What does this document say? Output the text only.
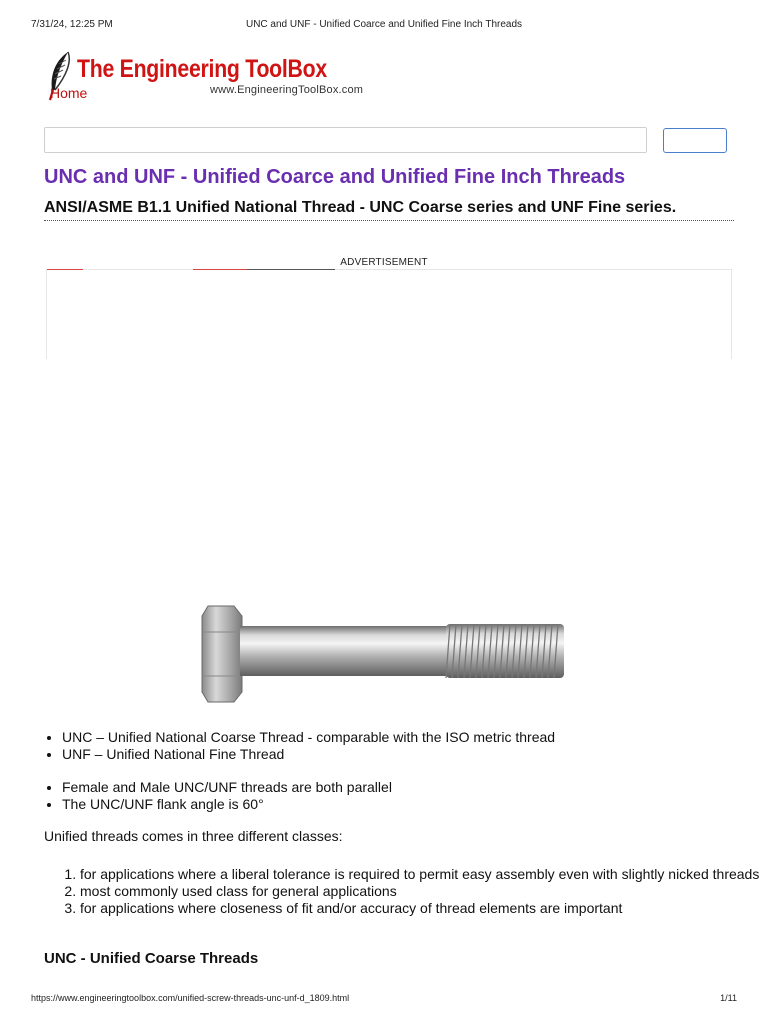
7/31/24, 12:25 PM	UNC and UNF - Unified Coarce and Unified Fine Inch Threads
The Engineering ToolBox
Home	www.EngineeringToolBox.com
UNC and UNF - Unified Coarce and Unified Fine Inch Threads
ANSI/ASME B1.1 Unified National Thread - UNC Coarse series and UNF Fine series.
ADVERTISEMENT
• UNC – Unified National Coarse Thread - comparable with the ISO metric thread
• UNF – Unified National Fine Thread
• Female and Male UNC/UNF threads are both parallel
• The UNC/UNF flank angle is 60°

Unified threads comes in three different classes:

1. for applications where a liberal tolerance is required to permit easy assembly even with slightly nicked threads
2. most commonly used class for general applications
3. for applications where closeness of fit and/or accuracy of thread elements are important
UNC - Unified Coarse Threads
https://www.engineeringtoolbox.com/unified-screw-threads-unc-unf-d_1809.html	1/11
